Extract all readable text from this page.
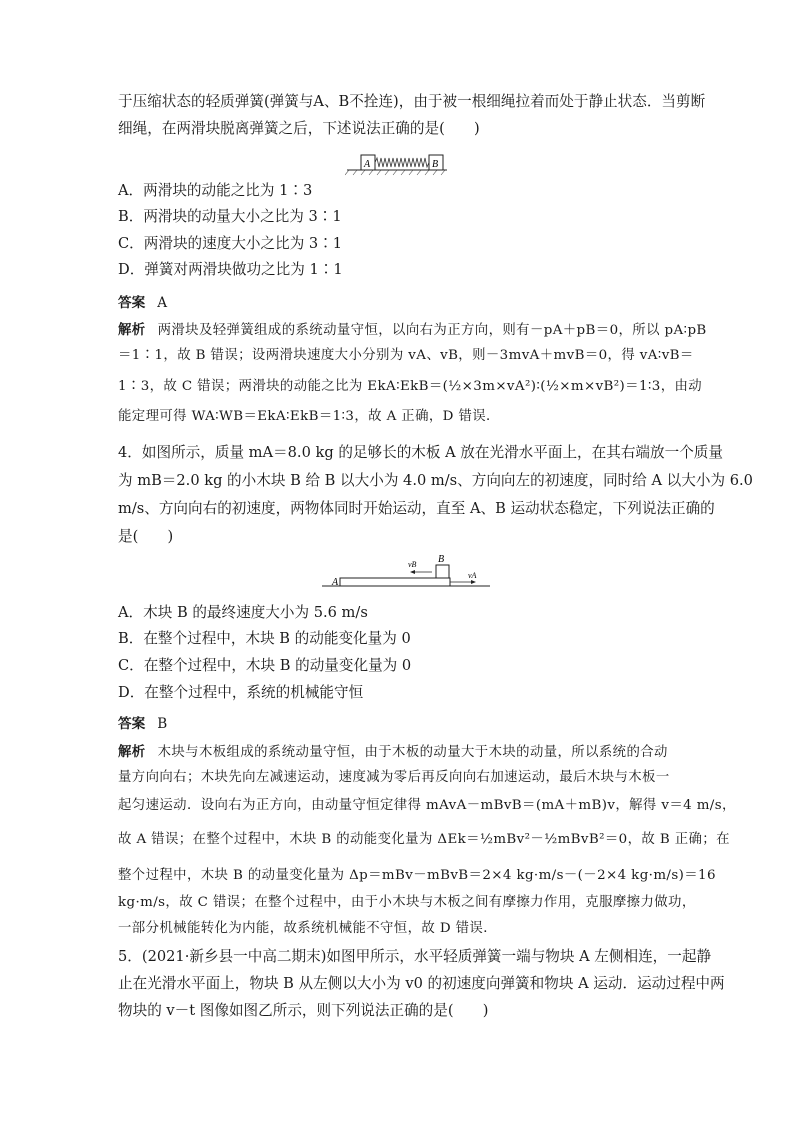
于压缩状态的轻质弹簧(弹簧与A、B不拴连)，由于被一根细绳拉着而处于静止状态．当剪断
细绳，在两滑块脱离弹簧之后，下述说法正确的是(　　)
A	B
A．两滑块的动能之比为 1∶3
B．两滑块的动量大小之比为 3∶1
C．两滑块的速度大小之比为 3∶1
D．弹簧对两滑块做功之比为 1∶1
答案 A
解析 两滑块及轻弹簧组成的系统动量守恒，以向右为正方向，则有－pA＋pB＝0，所以 pA∶pB
＝1∶1，故 B 错误；设两滑块速度大小分别为 vA、vB，则－3mvA＋mvB＝0，得 vA∶vB＝
1∶3，故 C 错误；两滑块的动能之比为 EkA∶EkB＝(½×3m×vA²)∶(½×m×vB²)＝1∶3，由动
能定理可得 WA∶WB＝EkA∶EkB＝1∶3，故 A 正确，D 错误．
4．如图所示，质量 mA＝8.0 kg 的足够长的木板 A 放在光滑水平面上，在其右端放一个质量
为 mB＝2.0 kg 的小木块 B 给 B 以大小为 4.0 m/s、方向向左的初速度，同时给 A 以大小为 6.0
m/s、方向向右的初速度，两物体同时开始运动，直至 A、B 运动状态稳定，下列说法正确的
是(　　)
A
B
vB
vA
A．木块 B 的最终速度大小为 5.6 m/s
B．在整个过程中，木块 B 的动能变化量为 0
C．在整个过程中，木块 B 的动量变化量为 0
D．在整个过程中，系统的机械能守恒
答案 B
解析 木块与木板组成的系统动量守恒，由于木板的动量大于木块的动量，所以系统的合动
量方向向右；木块先向左减速运动，速度减为零后再反向向右加速运动，最后木块与木板一
起匀速运动．设向右为正方向，由动量守恒定律得 mAvA－mBvB＝(mA＋mB)v，解得 v＝4 m/s，
故 A 错误；在整个过程中，木块 B 的动能变化量为 ΔEk＝½mBv²－½mBvB²＝0，故 B 正确；在
整个过程中，木块 B 的动量变化量为 Δp＝mBv－mBvB＝2×4 kg·m/s－(－2×4 kg·m/s)＝16
kg·m/s，故 C 错误；在整个过程中，由于小木块与木板之间有摩擦力作用，克服摩擦力做功，
一部分机械能转化为内能，故系统机械能不守恒，故 D 错误．
5．(2021·新乡县一中高二期末)如图甲所示，水平轻质弹簧一端与物块 A 左侧相连，一起静
止在光滑水平面上，物块 B 从左侧以大小为 v0 的初速度向弹簧和物块 A 运动．运动过程中两
物块的 v－t 图像如图乙所示，则下列说法正确的是(　　)
